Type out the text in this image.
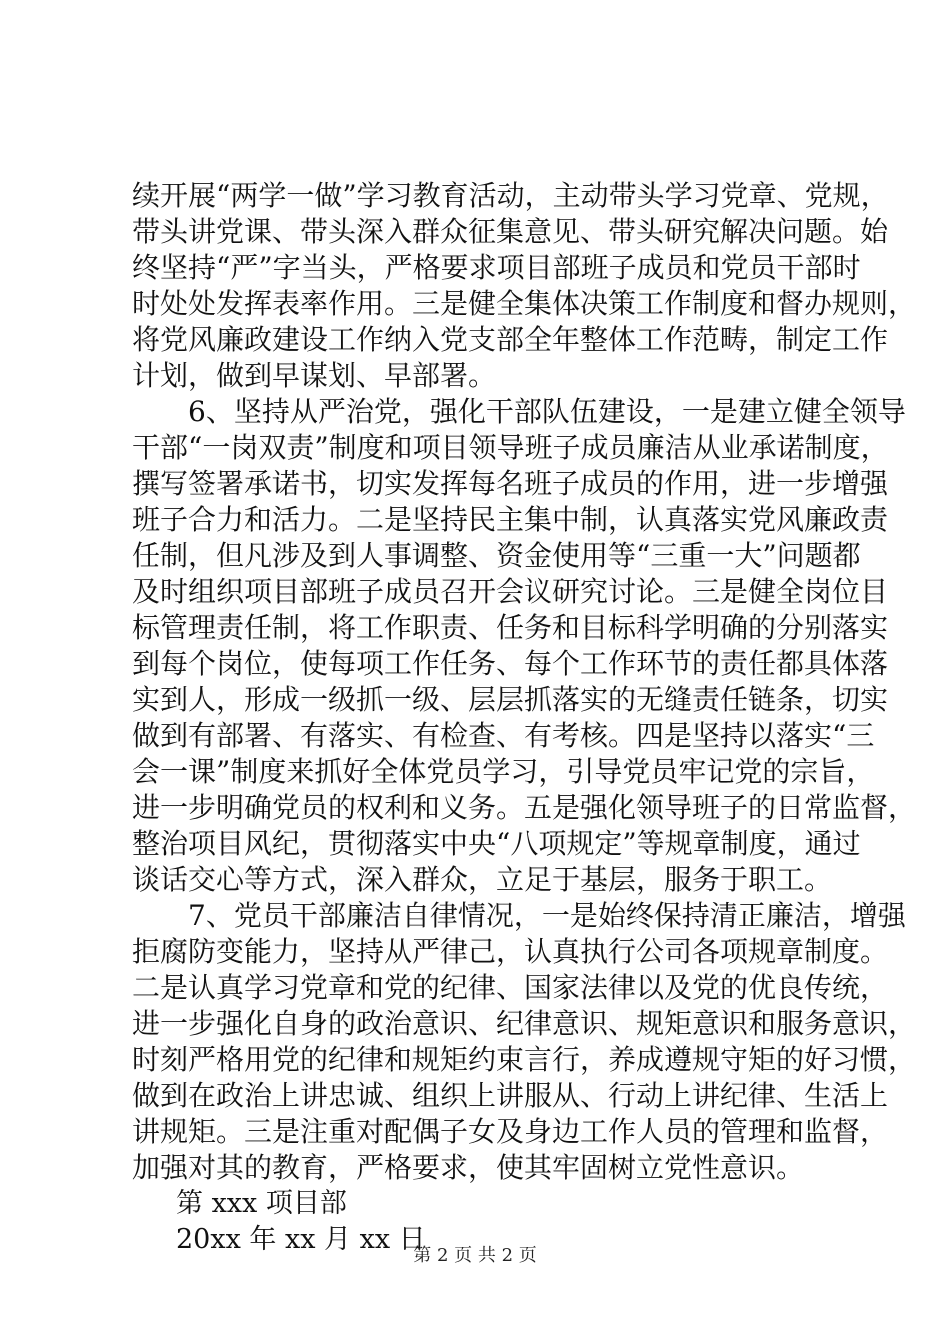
续开展“两学一做”学习教育活动，主动带头学习党章、党规，
带头讲党课、带头深入群众征集意见、带头研究解决问题。始
终坚持“严”字当头，严格要求项目部班子成员和党员干部时
时处处发挥表率作用。三是健全集体决策工作制度和督办规则，
将党风廉政建设工作纳入党支部全年整体工作范畴，制定工作
计划，做到早谋划、早部署。
　　6、坚持从严治党，强化干部队伍建设，一是建立健全领导
干部“一岗双责”制度和项目领导班子成员廉洁从业承诺制度，
撰写签署承诺书，切实发挥每名班子成员的作用，进一步增强
班子合力和活力。二是坚持民主集中制，认真落实党风廉政责
任制，但凡涉及到人事调整、资金使用等“三重一大”问题都
及时组织项目部班子成员召开会议研究讨论。三是健全岗位目
标管理责任制，将工作职责、任务和目标科学明确的分别落实
到每个岗位，使每项工作任务、每个工作环节的责任都具体落
实到人，形成一级抓一级、层层抓落实的无缝责任链条，切实
做到有部署、有落实、有检查、有考核。四是坚持以落实“三
会一课”制度来抓好全体党员学习，引导党员牢记党的宗旨，
进一步明确党员的权利和义务。五是强化领导班子的日常监督，
整治项目风纪，贯彻落实中央“八项规定”等规章制度，通过
谈话交心等方式，深入群众，立足于基层，服务于职工。
　　7、党员干部廉洁自律情况，一是始终保持清正廉洁，增强
拒腐防变能力，坚持从严律己，认真执行公司各项规章制度。
二是认真学习党章和党的纪律、国家法律以及党的优良传统，
进一步强化自身的政治意识、纪律意识、规矩意识和服务意识，
时刻严格用党的纪律和规矩约束言行，养成遵规守矩的好习惯，
做到在政治上讲忠诚、组织上讲服从、行动上讲纪律、生活上
讲规矩。三是注重对配偶子女及身边工作人员的管理和监督，
加强对其的教育，严格要求，使其牢固树立党性意识。
第 xxx 项目部
20xx 年 xx 月 xx 日
第 2 页 共 2 页
